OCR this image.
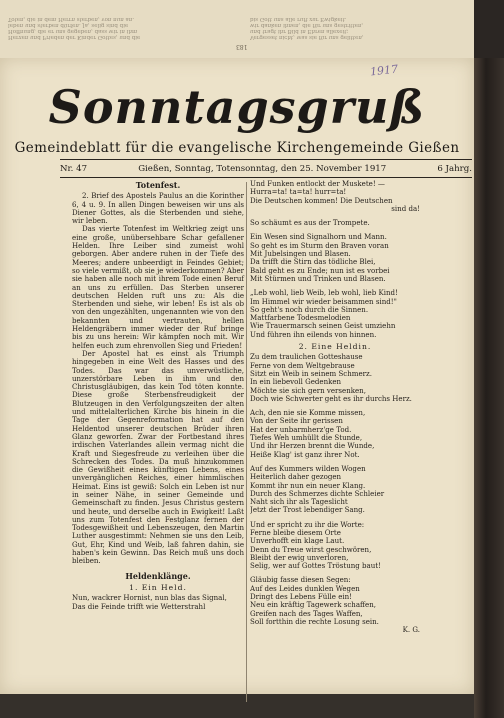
Herzen und Frieden der Kinder Gottes, und die
Hoffnung, die er uns gegeben, dass wir in ihm
leben und sterben dürfen. Ja, selig sind die
Toten, die in dem Herrn sterben, von nun an.
Vergesset nicht, was sie für uns gelitten,
und tragt ihr Bild in Ehren allezeit;
wir danken ihnen, die für uns gestritten,
bis Gott uns alle ruft zur Ewigkeit.
183
1917
Sonntagsgruß
Gemeindeblatt für die evangelische Kirchengemeinde Gießen
Nr. 47	Gießen, Sonntag, Totensonntag, den 25. November 1917	6 Jahrg.
Totenfest.
2. Brief des Apostels Paulus an die Korinther 6, 4 u. 9. In allen Dingen beweisen wir uns als Diener Gottes, als die Sterbenden und siehe, wir leben.
Das vierte Totenfest im Weltkrieg zeigt uns eine große, unübersehbare Schar gefallener Helden. Ihre Leiber sind zumeist wohl geborgen. Aber andere ruhen in der Tiefe des Meeres; andere unbeerdigt in Feindes Gebiet; so viele vermißt, ob sie je wiederkommen? Aber sie haben alle noch mit ihrem Tode einen Beruf an uns zu erfüllen. Das Sterben unserer deutschen Helden ruft uns zu: Als die Sterbenden und siehe, wir leben! Es ist als ob von den ungezählten, ungenannten wie von den bekannten und vertrauten, hellen Heldengräbern immer wieder der Ruf bringe bis zu uns herein: Wir kämpfen noch mit. Wir helfen euch zum ehrenvollen Sieg und Frieden!
Der Apostel hat es einst als Triumph hingegeben in eine Welt des Hasses und des Todes. Das war das unverwüstliche, unzerstörbare Leben in ihm und den Christusgläubigen, das kein Tod töten konnte. Diese große Sterbensfreudigkeit der Blutzeugen in den Verfolgungszeiten der alten und mittelalterlichen Kirche bis hinein in die Tage der Gegenreformation hat auf den Heldentod unserer deutschen Brüder ihren Glanz geworfen. Zwar der Fortbestand ihres irdischen Vaterlandes allein vermag nicht die Kraft und Siegesfreude zu verleihen über die Schrecken des Todes. Da muß hinzukommen die Gewißheit eines künftigen Lebens, eines unvergänglichen Reiches, einer himmlischen Heimat. Eins ist gewiß: Solch ein Leben ist nur in seiner Nähe, in seiner Gemeinde und Gemeinschaft zu finden. Jesus Christus gestern und heute, und derselbe auch in Ewigkeit! Laßt uns zum Totenfest den Festglanz fernen der Todesgewißheit und Lebenszeugen, den Martin Luther ausgestimmt: Nehmen sie uns den Leib, Gut, Ehr, Kind und Weib, laß fahren dahin, sie haben's kein Gewinn. Das Reich muß uns doch bleiben.
Heldenklänge.
1. Ein Held.
Nun, wackrer Hornist, nun blas das Signal,
Das die Feinde trifft wie Wetterstrahl
Und Funken entlockt der Muskete! —
Hurra=ta! ta=ta! hurr=ta!
Die Deutschen kommen! Die Deutschen
sind da!
So schäumt es aus der Trompete.
Ein Wesen sind Signalhorn und Mann.
So geht es im Sturm den Braven voran
Mit Jubelsingen und Blasen.
Da trifft die Stirn das tödliche Blei,
Bald geht es zu Ende; nun ist es vorbei
Mit Stürmen und Trinken und Blasen.
„Leb wohl, lieb Weib, leb wohl, lieb Kind!
Im Himmel wir wieder beisammen sind!"
So geht's noch durch die Sinnen.
Mattfarbene Todesmelodien
Wie Trauermarsch seinen Geist umziehn
Und führen ihn eilends von hinnen.
2. Eine Heldin.
Zu dem traulichen Gotteshause
Ferne von dem Weltgebrause
Sitzt ein Weib in seinem Schmerz.
In ein liebevoll Gedenken
Möchte sie sich gern versenken,
Doch wie Schwerter geht es ihr durchs Herz.
Ach, den nie sie Komme missen,
Von der Seite ihr gerissen
Hat der unbarmherz'ge Tod.
Tiefes Weh umhüllt die Stunde,
Und ihr Herzen brennt die Wunde,
Heiße Klag' ist ganz ihrer Not.
Auf des Kummers wilden Wogen
Heiterlich daher gezogen
Kommt ihr nun ein neuer Klang.
Durch des Schmerzes dichte Schleier
Naht sich ihr als Tageslicht
Jetzt der Trost lebendiger Sang.
Und er spricht zu ihr die Worte:
Ferne bleibe diesem Orte
Unverhofft ein klage Laut.
Denn du Treue wirst geschwören,
Bleibt der ewig unverloren,
Selig, wer auf Gottes Tröstung baut!
Gläubig fasse diesen Segen:
Auf des Leides dunklen Wegen
Dringt des Lebens Fülle ein!
Neu ein kräftig Tagewerk schaffen,
Greifen nach des Tages Waffen,
Soll fortthin die rechte Losung sein.
K. G.
